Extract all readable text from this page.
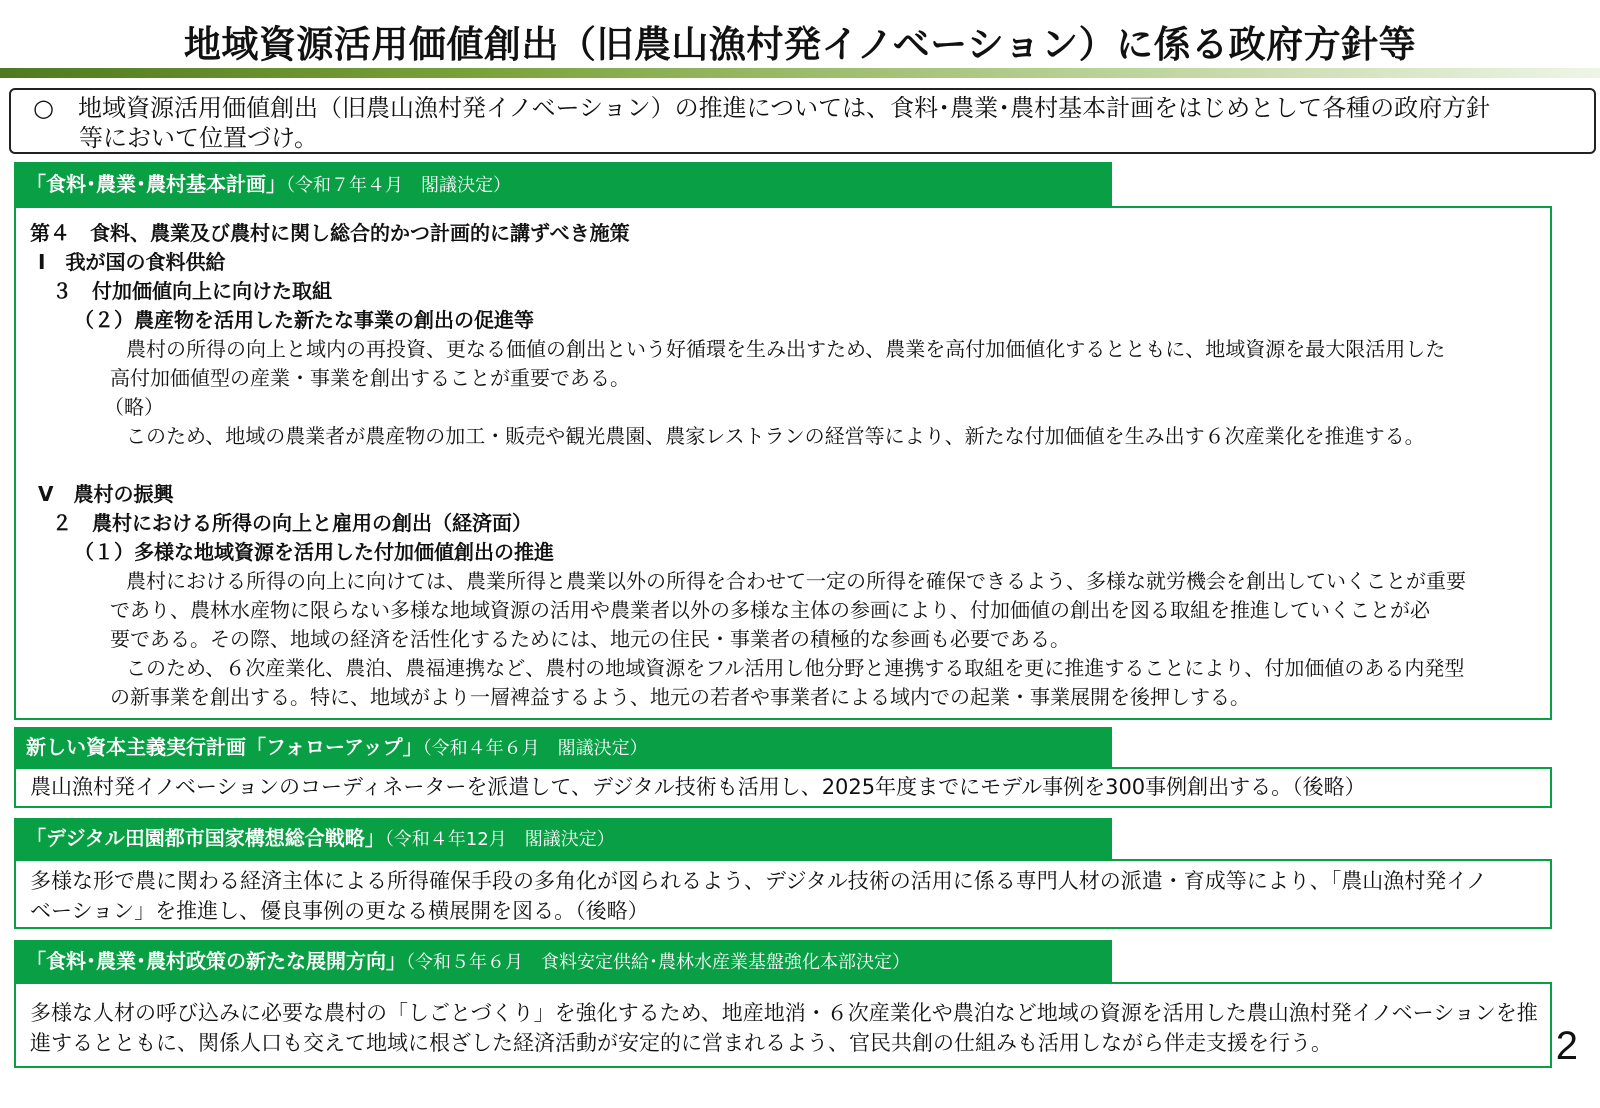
地域資源活用価値創出（旧農山漁村発イノベーション）に係る政府方針等
○　地域資源活用価値創出（旧農山漁村発イノベーション）の推進については、食料･農業･農村基本計画をはじめとして各種の政府方針
等において位置づけ。
「食料･農業･農村基本計画」（令和７年４月　閣議決定）
第４　食料、農業及び農村に関し総合的かつ計画的に講ずべき施策
Ⅰ　我が国の食料供給
３　付加価値向上に向けた取組
（２）農産物を活用した新たな事業の創出の促進等
農村の所得の向上と域内の再投資、更なる価値の創出という好循環を生み出すため、農業を高付加価値化するとともに、地域資源を最大限活用した
高付加価値型の産業・事業を創出することが重要である。
（略）
このため、地域の農業者が農産物の加工・販売や観光農園、農家レストランの経営等により、新たな付加価値を生み出す６次産業化を推進する。
Ⅴ　農村の振興
２　農村における所得の向上と雇用の創出（経済面）
（１）多様な地域資源を活用した付加価値創出の推進
農村における所得の向上に向けては、農業所得と農業以外の所得を合わせて一定の所得を確保できるよう、多様な就労機会を創出していくことが重要
であり、農林水産物に限らない多様な地域資源の活用や農業者以外の多様な主体の参画により、付加価値の創出を図る取組を推進していくことが必
要である。その際、地域の経済を活性化するためには、地元の住民・事業者の積極的な参画も必要である。
このため、６次産業化、農泊、農福連携など、農村の地域資源をフル活用し他分野と連携する取組を更に推進することにより、付加価値のある内発型
の新事業を創出する。特に、地域がより一層裨益するよう、地元の若者や事業者による域内での起業・事業展開を後押しする。
新しい資本主義実行計画「フォローアップ」（令和４年６月　閣議決定）
農山漁村発イノベーションのコーディネーターを派遣して、デジタル技術も活用し、2025年度までにモデル事例を300事例創出する。（後略）
「デジタル田園都市国家構想総合戦略」（令和４年12月　閣議決定）
多様な形で農に関わる経済主体による所得確保手段の多角化が図られるよう、デジタル技術の活用に係る専門人材の派遣・育成等により、「農山漁村発イノ
ベーション」を推進し、優良事例の更なる横展開を図る。（後略）
「食料･農業･農村政策の新たな展開方向」（令和５年６月　食料安定供給･農林水産業基盤強化本部決定）
多様な人材の呼び込みに必要な農村の「しごとづくり」を強化するため、地産地消・６次産業化や農泊など地域の資源を活用した農山漁村発イノベーションを推
進するとともに、関係人口も交えて地域に根ざした経済活動が安定的に営まれるよう、官民共創の仕組みも活用しながら伴走支援を行う。	2
